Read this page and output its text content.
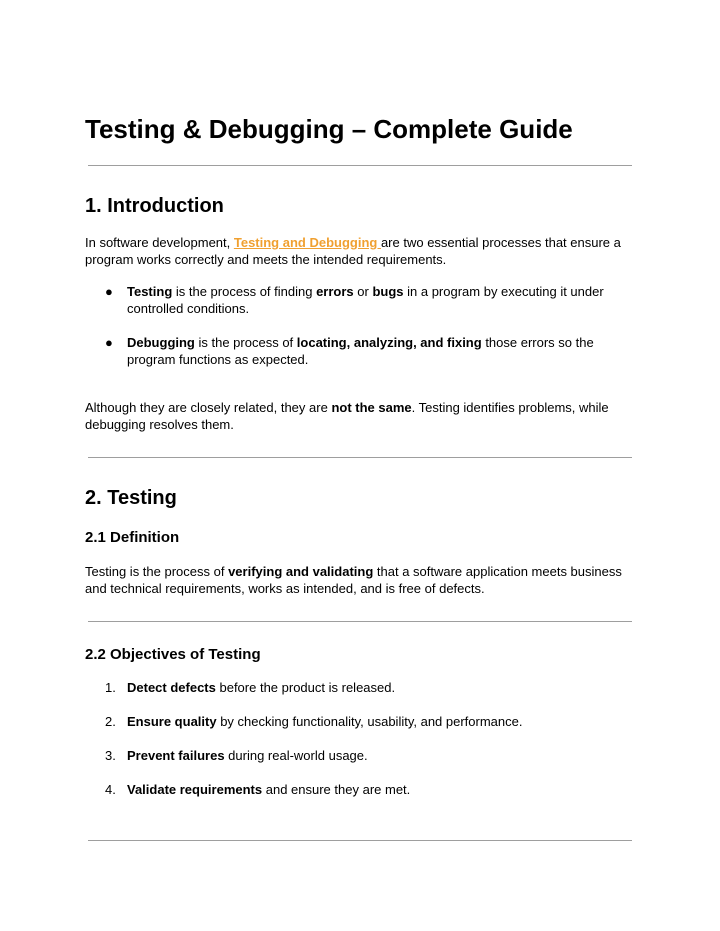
Testing & Debugging – Complete Guide
1. Introduction

In software development, Testing and Debugging are two essential processes that ensure a program works correctly and meets the intended requirements.

●	Testing is the process of finding errors or bugs in a program by executing it under controlled conditions.
●	Debugging is the process of locating, analyzing, and fixing those errors so the program functions as expected.

Although they are closely related, they are not the same. Testing identifies problems, while debugging resolves them.

2. Testing
2.1 Definition

Testing is the process of verifying and validating that a software application meets business and technical requirements, works as intended, and is free of defects.

2.2 Objectives of Testing
1. Detect defects before the product is released.
2. Ensure quality by checking functionality, usability, and performance.
3. Prevent failures during real-world usage.
4. Validate requirements and ensure they are met.
